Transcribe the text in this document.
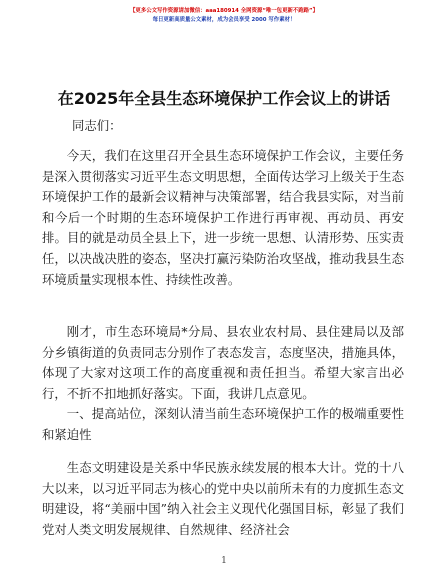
【更多公文写作资源请加微信：aaa180914 全网资源“唯一包更新不跑路”】
每日更新高质量公文素材，成为会员享受 2000 写作素材！
在2025年全县生态环境保护工作会议上的讲话
同志们：
今天，我们在这里召开全县生态环境保护工作会议，主要任务是深入贯彻落实习近平生态文明思想，全面传达学习上级关于生态环境保护工作的最新会议精神与决策部署，结合我县实际，对当前和今后一个时期的生态环境保护工作进行再审视、再动员、再安排。目的就是动员全县上下，进一步统一思想、认清形势、压实责任，以决战决胜的姿态，坚决打赢污染防治攻坚战，推动我县生态环境质量实现根本性、持续性改善。
刚才，市生态环境局*分局、县农业农村局、县住建局以及部分乡镇街道的负责同志分别作了表态发言，态度坚决，措施具体，体现了大家对这项工作的高度重视和责任担当。希望大家言出必行，不折不扣地抓好落实。下面，我讲几点意见。
一、提高站位，深刻认清当前生态环境保护工作的极端重要性和紧迫性
生态文明建设是关系中华民族永续发展的根本大计。党的十八大以来，以习近平同志为核心的党中央以前所未有的力度抓生态文明建设，将“美丽中国”纳入社会主义现代化强国目标，彰显了我们党对人类文明发展规律、自然规律、经济社会
1
